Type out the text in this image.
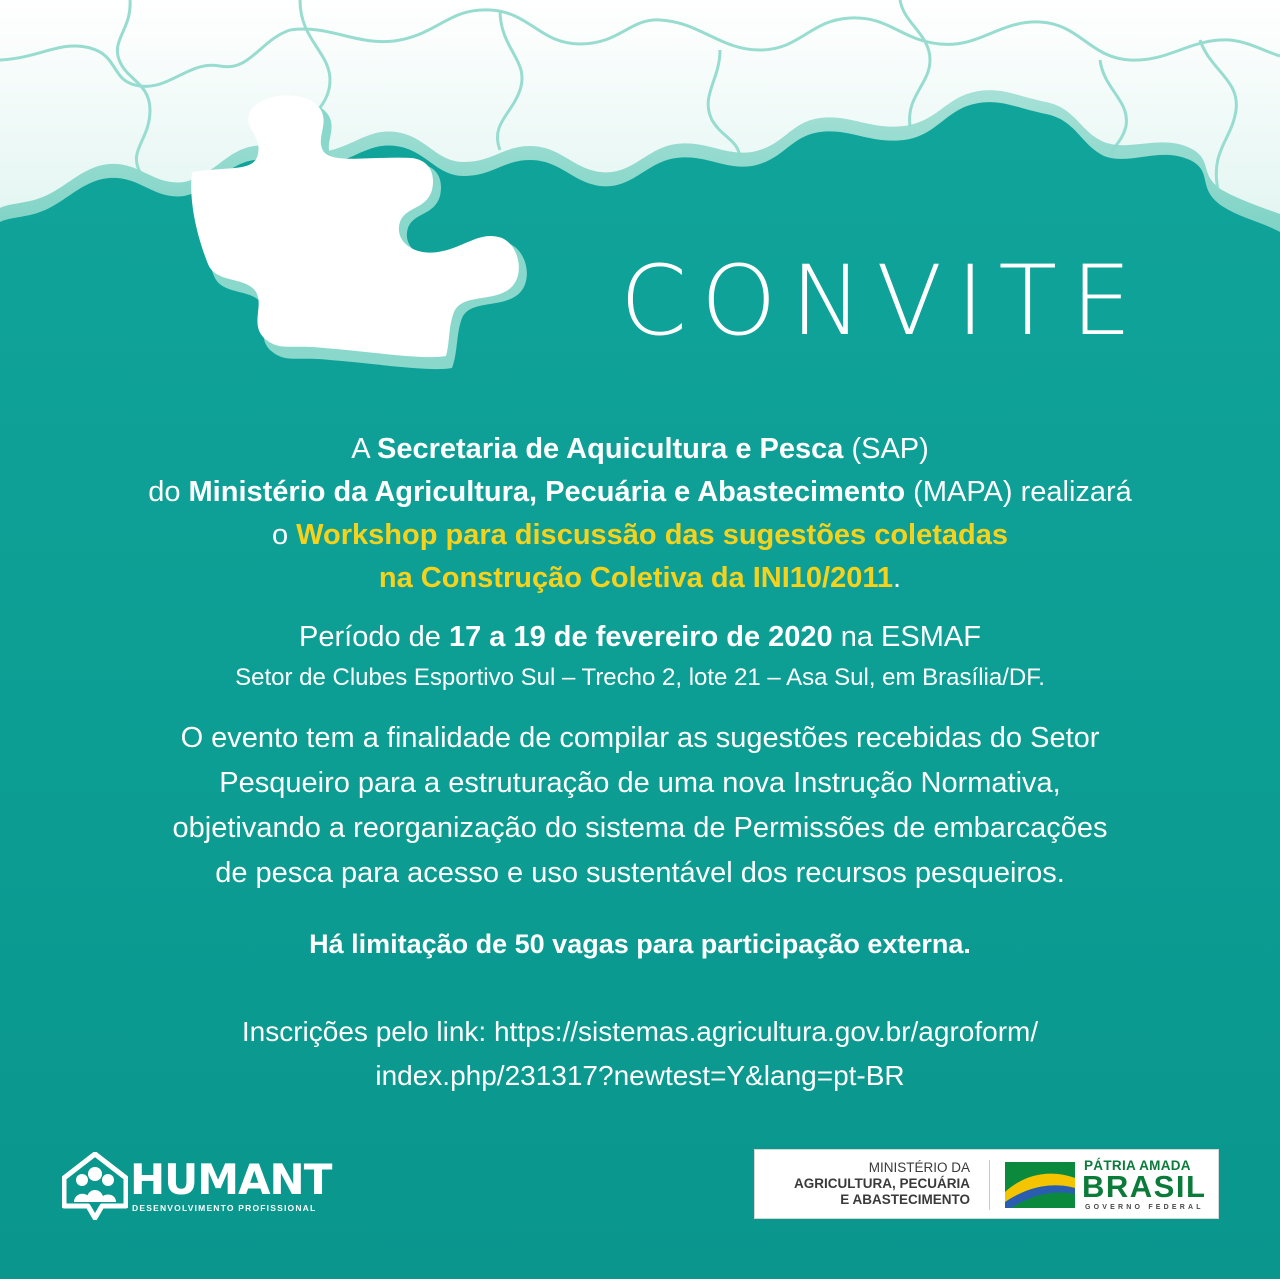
CONVITE
A Secretaria de Aquicultura e Pesca (SAP)
do Ministério da Agricultura, Pecuária e Abastecimento (MAPA) realizará
o Workshop para discussão das sugestões coletadas
na Construção Coletiva da INI10/2011.
Período de 17 a 19 de fevereiro de 2020 na ESMAF
Setor de Clubes Esportivo Sul – Trecho 2, lote 21 – Asa Sul, em Brasília/DF.
O evento tem a finalidade de compilar as sugestões recebidas do Setor
Pesqueiro para a estruturação de uma nova Instrução Normativa,
objetivando a reorganização do sistema de Permissões de embarcações
de pesca para acesso e uso sustentável dos recursos pesqueiros.
Há limitação de 50 vagas para participação externa.
Inscrições pelo link: https://sistemas.agricultura.gov.br/agroform/
index.php/231317?newtest=Y&lang=pt-BR
HUMANT
DESENVOLVIMENTO PROFISSIONAL
MINISTÉRIO DA
AGRICULTURA, PECUÁRIA
E ABASTECIMENTO
PÁTRIA AMADA
BRASIL
GOVERNO FEDERAL
